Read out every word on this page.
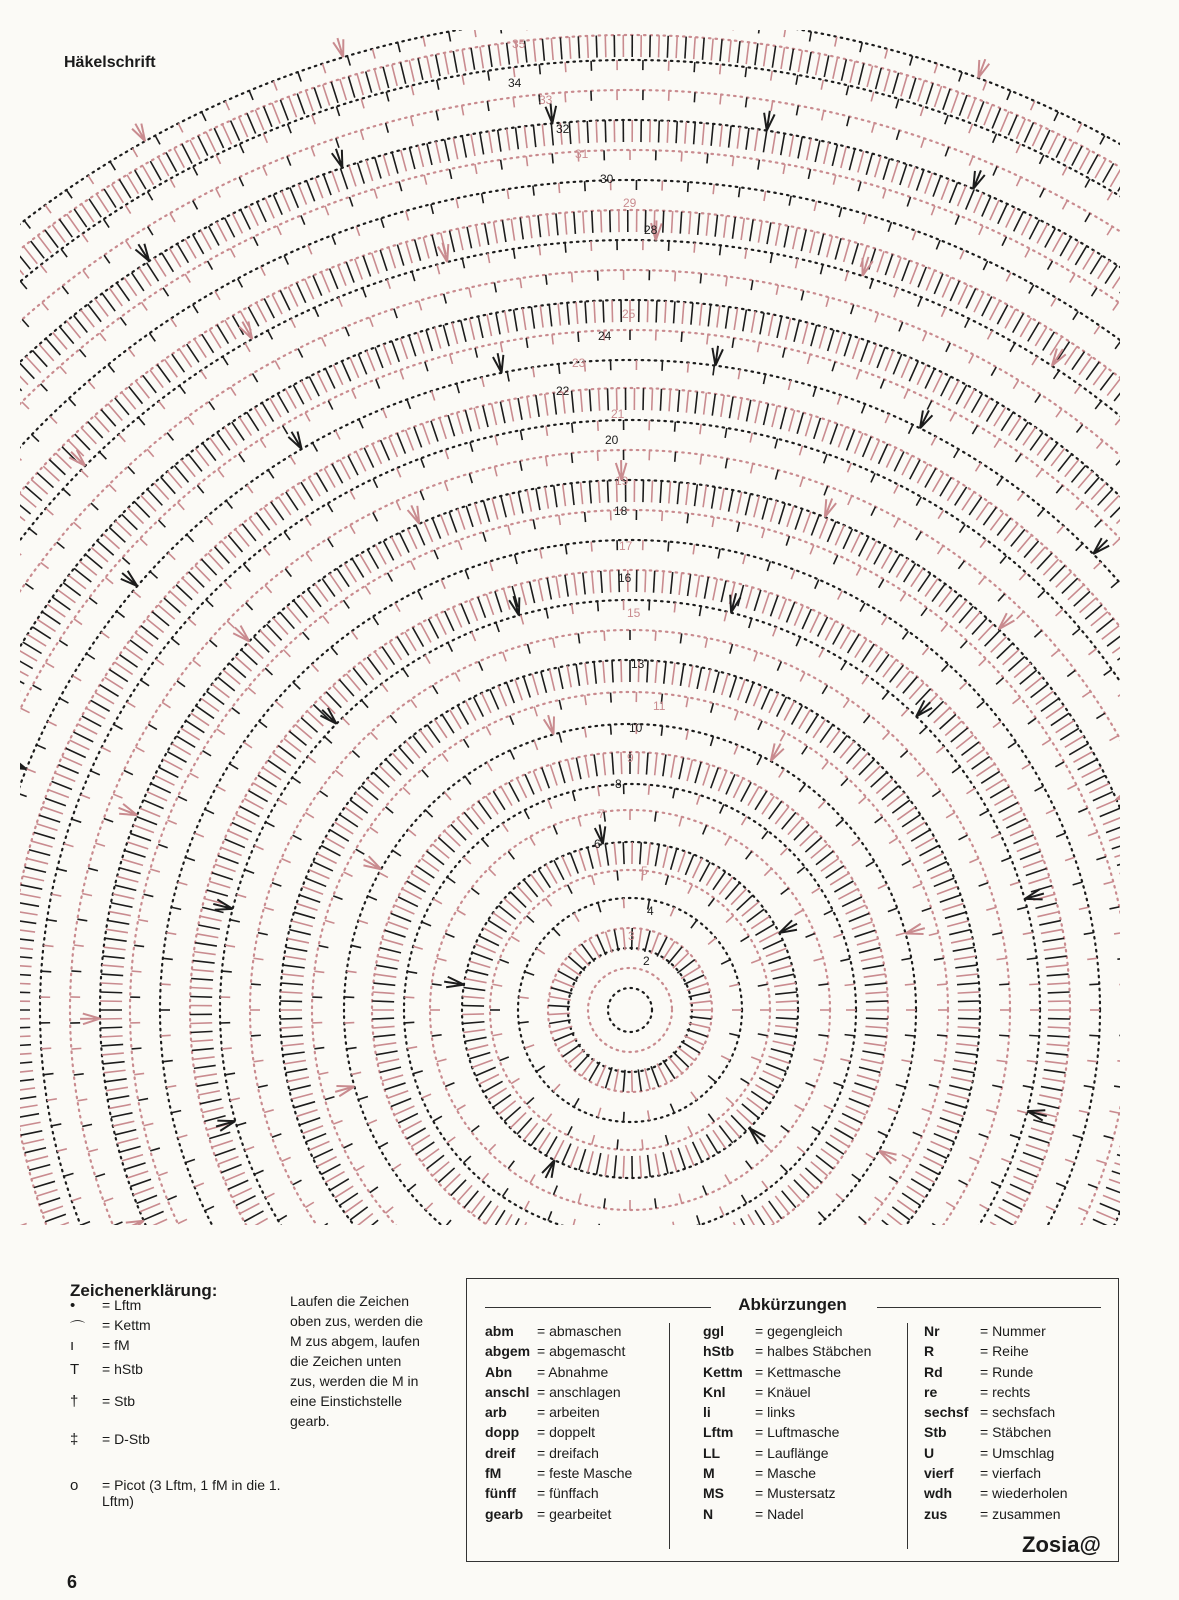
Häkelschrift
2
3
4
5
6
7
8
9
10
11
13
15
16
17
18
19
20
21
22
23
24
25
28
29
30
31
32
33
34
35
Zeichenerklärung:
•	= Lftm
⌒	= Kettm
ı	= fM
T	= hStb
†	= Stb
‡	= D-Stb
o	= Picot (3 Lftm, 1 fM in die 1. Lftm)
Laufen die Zeichen oben zus, werden die M zus abgem, laufen die Zeichen unten zus, werden die M in eine Einstichstelle gearb.
Abkürzungen
abm = abmaschen
abgem = abgemascht
Abn = Abnahme
anschl = anschlagen
arb = arbeiten
dopp = doppelt
dreif = dreifach
fM	= feste Masche
fünff = fünffach
gearb = gearbeitet
ggl = gegengleich
hStb = halbes Stäbchen
Kettm = Kettmasche
Knl = Knäuel
li	= links
Lftm = Luftmasche
LL = Lauflänge
M	= Masche
MS = Mustersatz
N	= Nadel
Nr	= Nummer
R	= Reihe
Rd	= Runde
re	= rechts
sechsf = sechsfach
Stb = Stäbchen
U	= Umschlag
vierf = vierfach
wdh = wiederholen
zus = zusammen
6
Zosia@
